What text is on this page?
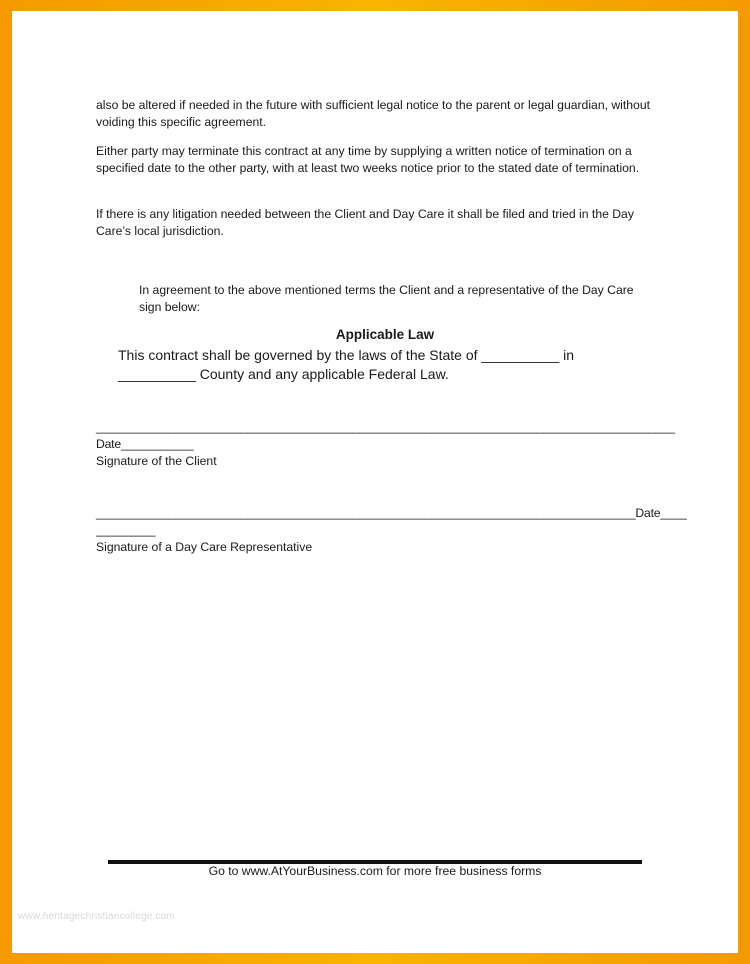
also be altered if needed in the future with sufficient legal notice to the parent or legal guardian, without voiding this specific agreement.

Either party may terminate this contract at any time by supplying a written notice of termination on a specified date to the other party, with at least two weeks notice prior to the stated date of termination.

If there is any litigation needed between the Client and Day Care it shall be filed and tried in the Day Care’s local jurisdiction.

In agreement to the above mentioned terms the Client and a representative of the Day Care sign below:

Applicable Law

This contract shall be governed by the laws of the State of __________ in __________ County and any applicable Federal Law.

________________________________________________________________________________________
Date___________
Signature of the Client
__________________________________________________________________________________Date____
_________
Signature of a Day Care Representative
Go to www.AtYourBusiness.com for more free business forms
www.heritagechristiancollege.com
